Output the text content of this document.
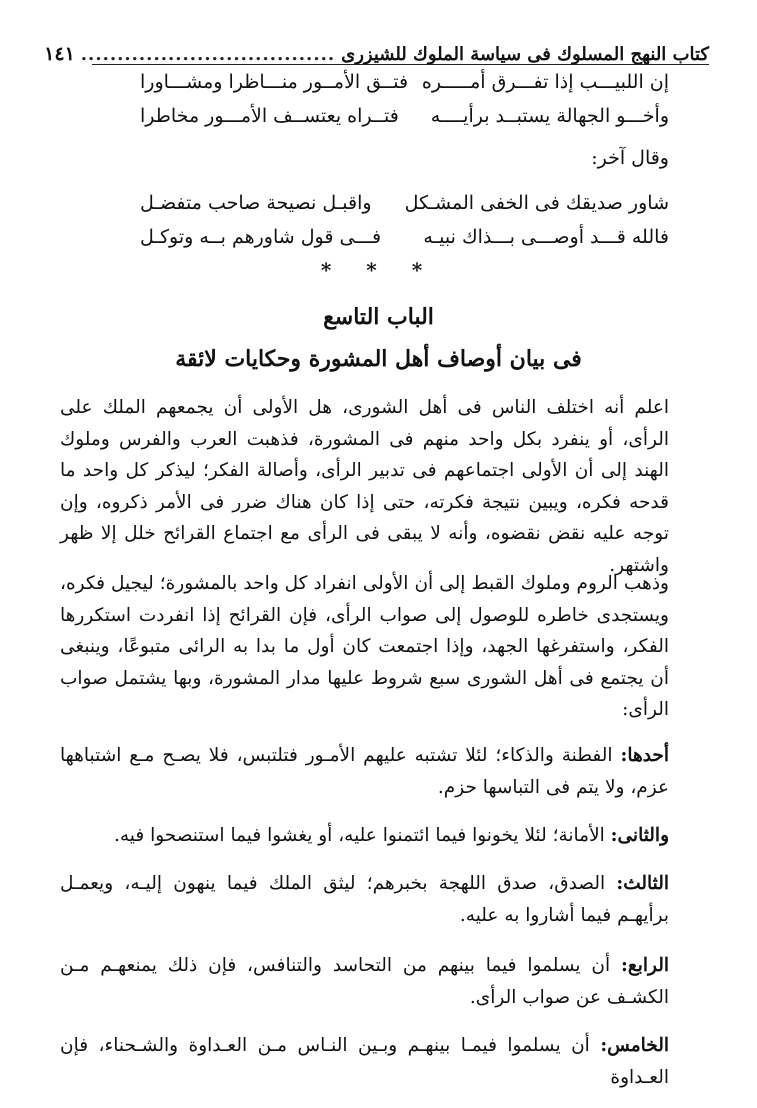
كتاب النهج المسلوك فى سياسة الملوك للشيزرى
...................................
١٤١
إن اللبيـــب إذا تفـــرق أمـــــره
فتــق الأمــور منـــاظرا ومشـــاورا
وأخـــو الجهالة يستبــد برأيــــه
فتــراه يعتســف الأمـــور مخاطرا
وقال آخر:
شاور صديقك فى الخفى المشـكل
واقبـل نصيحة صاحب متفضـل
فالله قـــد أوصـــى بـــذاك نبيـه
فـــى قول شاورهم بــه وتوكـل
* * *
الباب التاسع
فى بيان أوصاف أهل المشورة وحكايات لائقة
اعلم أنه اختلف الناس فى أهل الشورى، هل الأولى أن يجمعهم الملك على الرأى، أو ينفرد بكل واحد منهم فى المشورة، فذهبت العرب والفرس وملوك الهند إلى أن الأولى اجتماعهم فى تدبير الرأى، وأصالة الفكر؛ ليذكر كل واحد ما قدحه فكره، ويبين نتيجة فكرته، حتى إذا كان هناك ضرر فى الأمر ذكروه، وإن توجه عليه نقض نقضوه، وأنه لا يبقى فى الرأى مع اجتماع القرائح خلل إلا ظهر واشتهر.
وذهب الروم وملوك القبط إلى أن الأولى انفراد كل واحد بالمشورة؛ ليجيل فكره، ويستجدى خاطره للوصول إلى صواب الرأى، فإن القرائح إذا انفردت استكررها الفكر، واستفرغها الجهد، وإذا اجتمعت كان أول ما بدا به الرائى متبوعًا، وينبغى أن يجتمع فى أهل الشورى سبع شروط عليها مدار المشورة، وبها يشتمل صواب الرأى:
أحدها: الفطنة والذكاء؛ لئلا تشتبه عليهم الأمـور فتلتبس، فلا يصـح مـع اشتباهها عزم، ولا يتم فى التباسها حزم.
والثانى: الأمانة؛ لئلا يخونوا فيما ائتمنوا عليه، أو يغشوا فيما استنصحوا فيه.
الثالث: الصدق، صدق اللهجة بخبرهم؛ ليثق الملك فيما ينهون إليـه، ويعمـل برأيهـم فيما أشاروا به عليه.
الرابع: أن يسلموا فيما بينهم من التحاسد والتنافس، فإن ذلك يمنعهـم مـن الكشـف عن صواب الرأى.
الخامس: أن يسلموا فيمـا بينهـم وبـين النـاس مـن العـداوة والشـحناء، فإن العـداوة
